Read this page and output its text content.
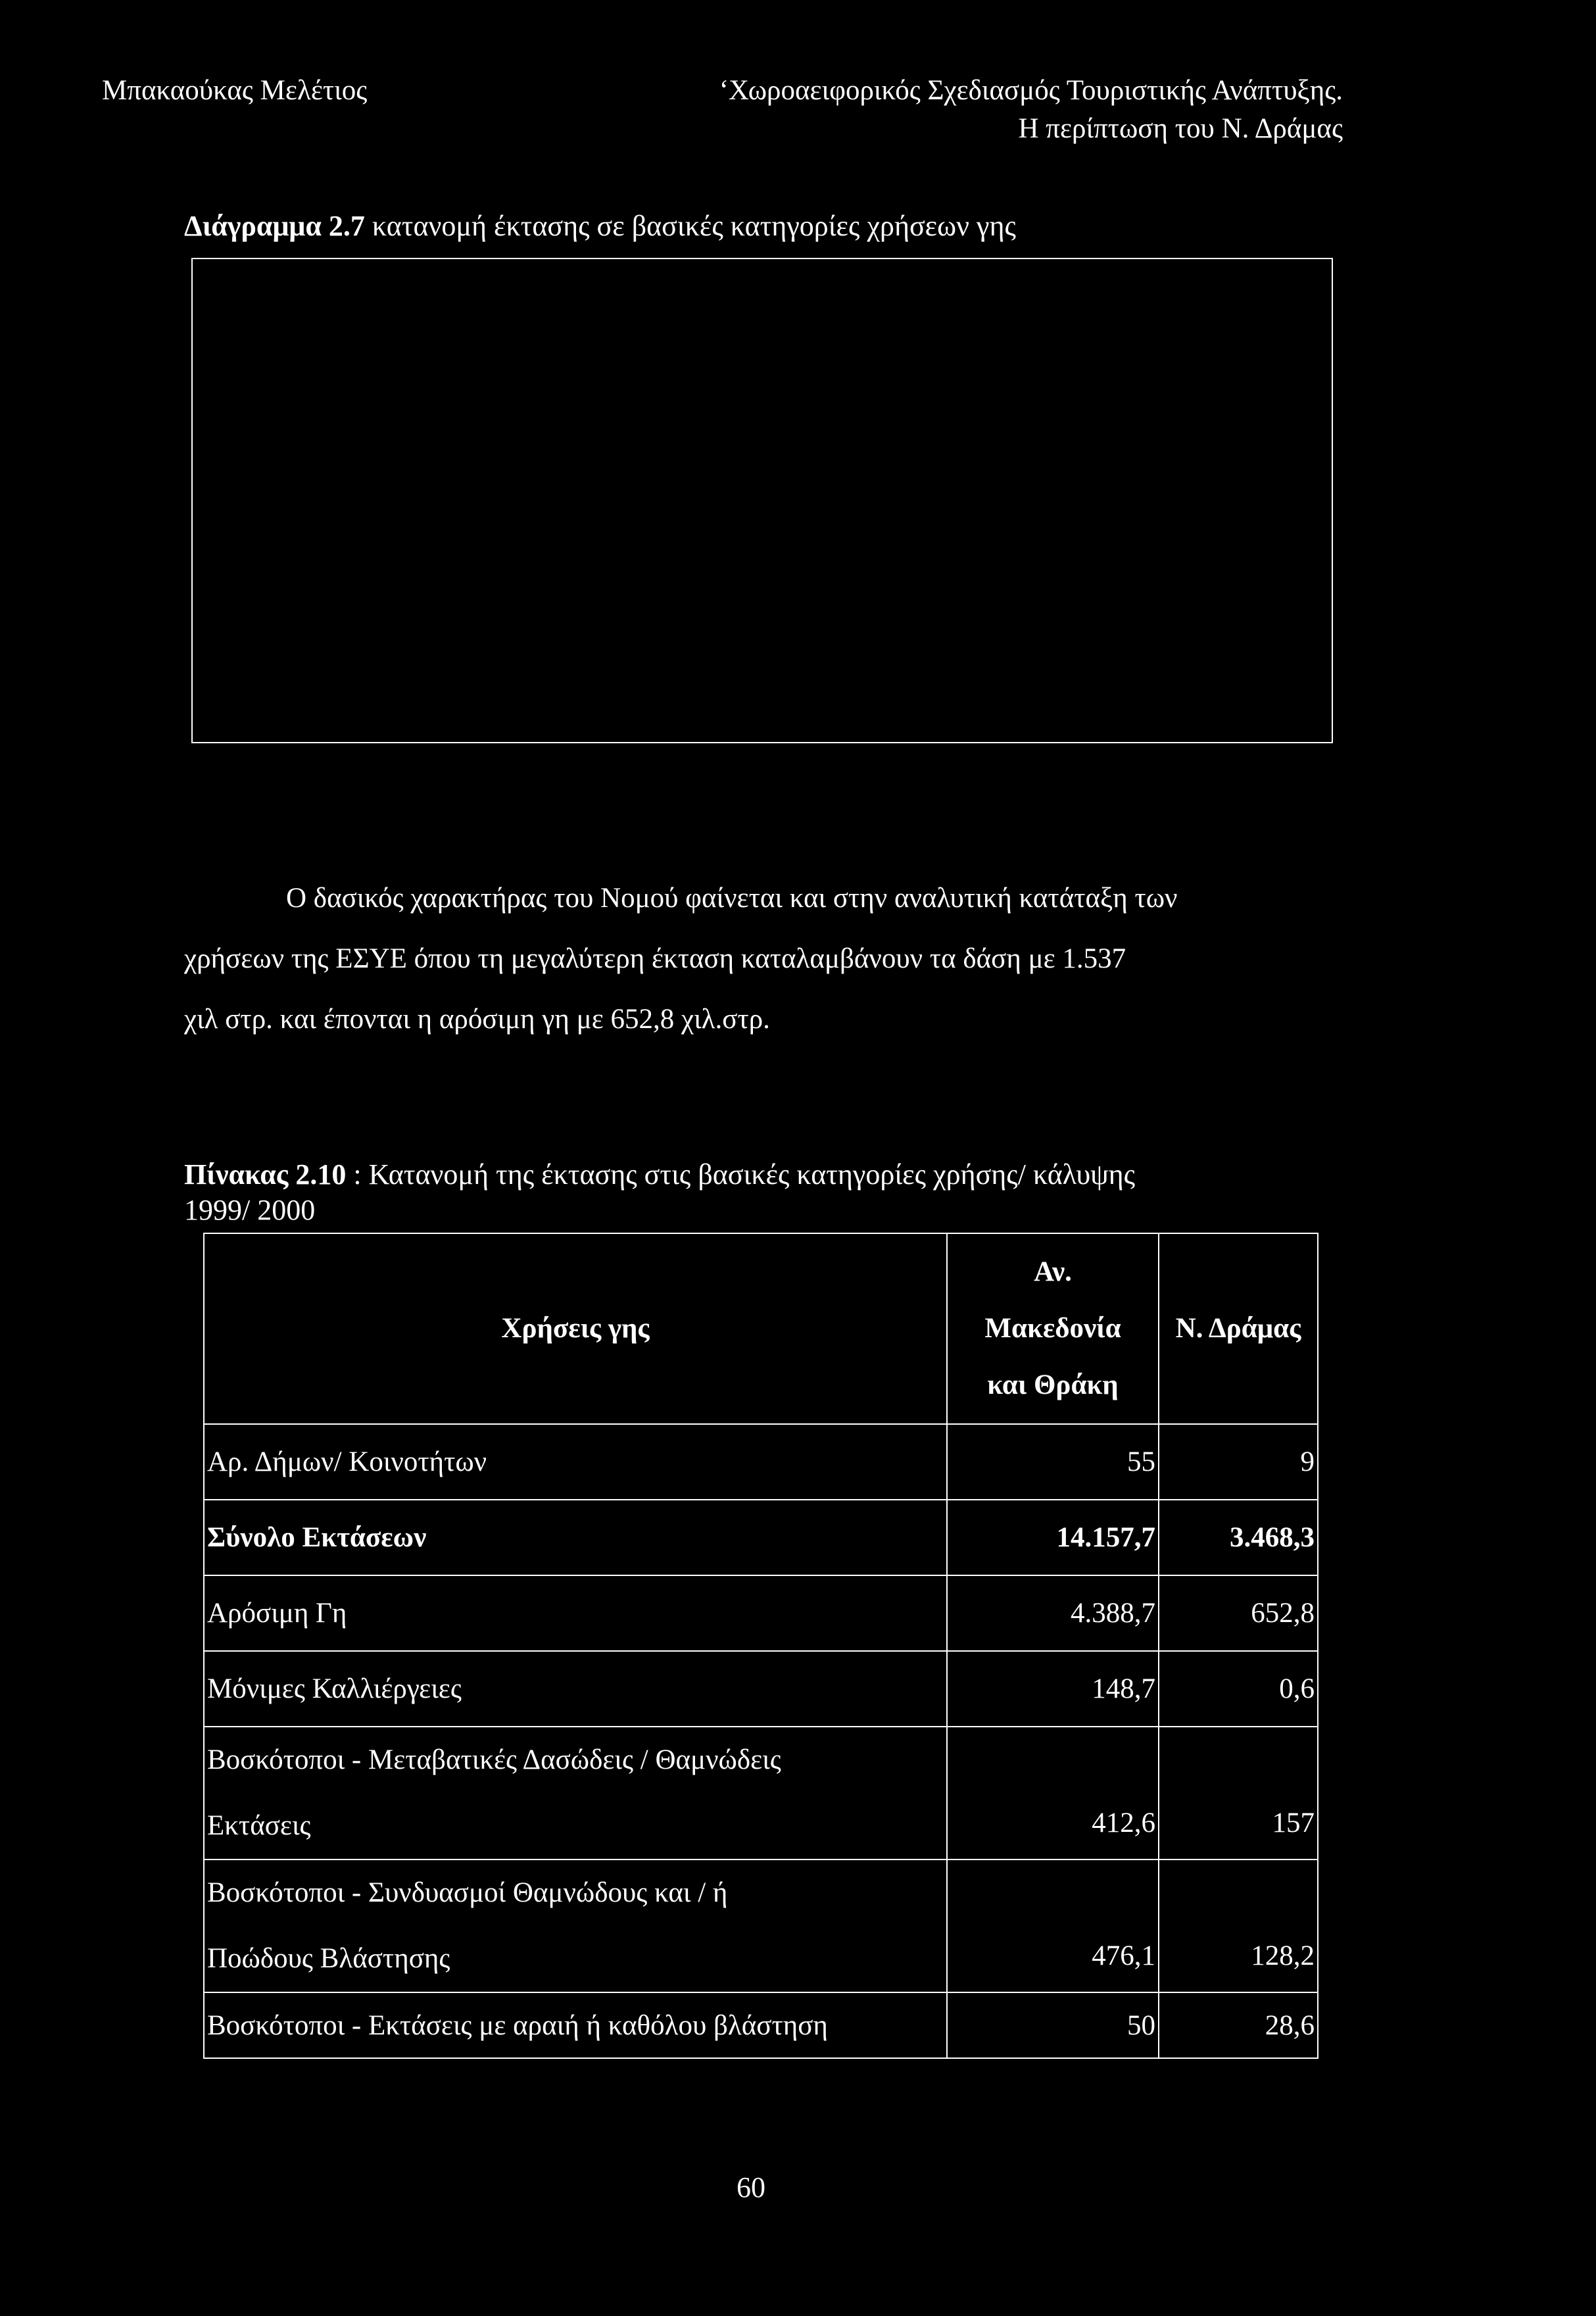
Μπακαούκας Μελέτιος	‘Χωροαειφορικός Σχεδιασμός Τουριστικής Ανάπτυξης.
Η περίπτωση του Ν. Δράμας
Διάγραμμα 2.7 κατανομή έκτασης σε βασικές κατηγορίες χρήσεων γης
Ο δασικός χαρακτήρας του Νομού φαίνεται και στην αναλυτική κατάταξη των
χρήσεων της ΕΣΥΕ όπου τη μεγαλύτερη έκταση καταλαμβάνουν τα δάση με 1.537
χιλ στρ. και έπονται η αρόσιμη γη με 652,8 χιλ.στρ.
Πίνακας 2.10 : Κατανομή της έκτασης στις βασικές κατηγορίες χρήσης/ κάλυψης
1999/ 2000
Χρήσεις γης	Αν.
Μακεδονία
και Θράκη	Ν. Δράμας
Αρ. Δήμων/ Κοινοτήτων	55	9
Σύνολο Εκτάσεων	14.157,7	3.468,3
Αρόσιμη Γη	4.388,7	652,8
Μόνιμες Καλλιέργειες	148,7	0,6
Βοσκότοποι - Μεταβατικές Δασώδεις / Θαμνώδεις
Εκτάσεις	412,6	157
Βοσκότοποι - Συνδυασμοί Θαμνώδους και / ή
Ποώδους Βλάστησης	476,1	128,2
Βοσκότοποι - Εκτάσεις με αραιή ή καθόλου βλάστηση	50	28,6
60
